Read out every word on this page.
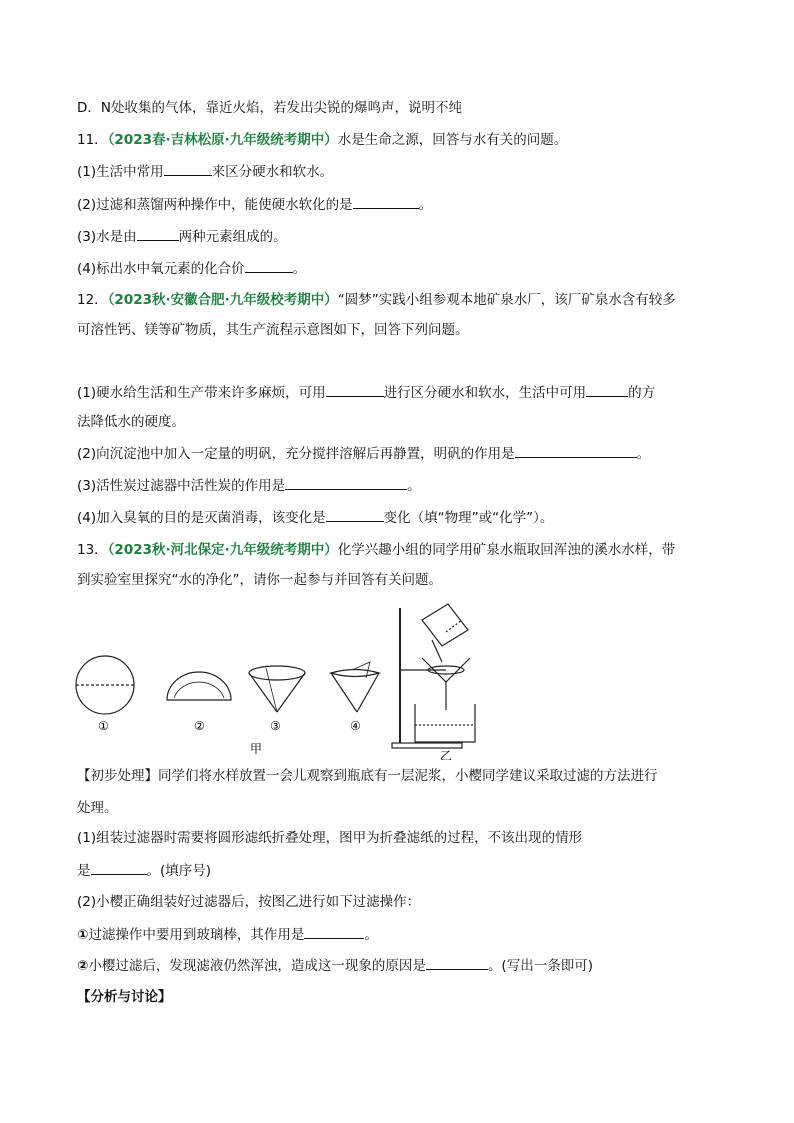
D．N处收集的气体，靠近火焰，若发出尖锐的爆鸣声，说明不纯
11．（2023春·吉林松原·九年级统考期中）水是生命之源，回答与水有关的问题。
(1)生活中常用	来区分硬水和软水。
(2)过滤和蒸馏两种操作中，能使硬水软化的是	。
(3)水是由	两种元素组成的。
(4)标出水中氧元素的化合价	。
12．（2023秋·安徽合肥·九年级校考期中）“圆梦”实践小组参观本地矿泉水厂，该厂矿泉水含有较多
可溶性钙、镁等矿物质，其生产流程示意图如下，回答下列问题。
(1)硬水给生活和生产带来许多麻烦，可用	进行区分硬水和软水，生活中可用	的方
法降低水的硬度。
(2)向沉淀池中加入一定量的明矾，充分搅拌溶解后再静置，明矾的作用是	。
(3)活性炭过滤器中活性炭的作用是	。
(4)加入臭氧的目的是灭菌消毒，该变化是	变化（填“物理”或“化学”）。
13．（2023秋·河北保定·九年级统考期中）化学兴趣小组的同学用矿泉水瓶取回浑浊的溪水水样，带
到实验室里探究“水的净化”，请你一起参与并回答有关问题。
①	②	③	④
甲	乙
【初步处理】同学们将水样放置一会儿观察到瓶底有一层泥浆，小樱同学建议采取过滤的方法进行
处理。
(1)组装过滤器时需要将圆形滤纸折叠处理，图甲为折叠滤纸的过程，不该出现的情形
是	。(填序号)
(2)小樱正确组装好过滤器后，按图乙进行如下过滤操作：
①过滤操作中要用到玻璃棒，其作用是	。
②小樱过滤后，发现滤液仍然浑浊，造成这一现象的原因是	。(写出一条即可)
【分析与讨论】
